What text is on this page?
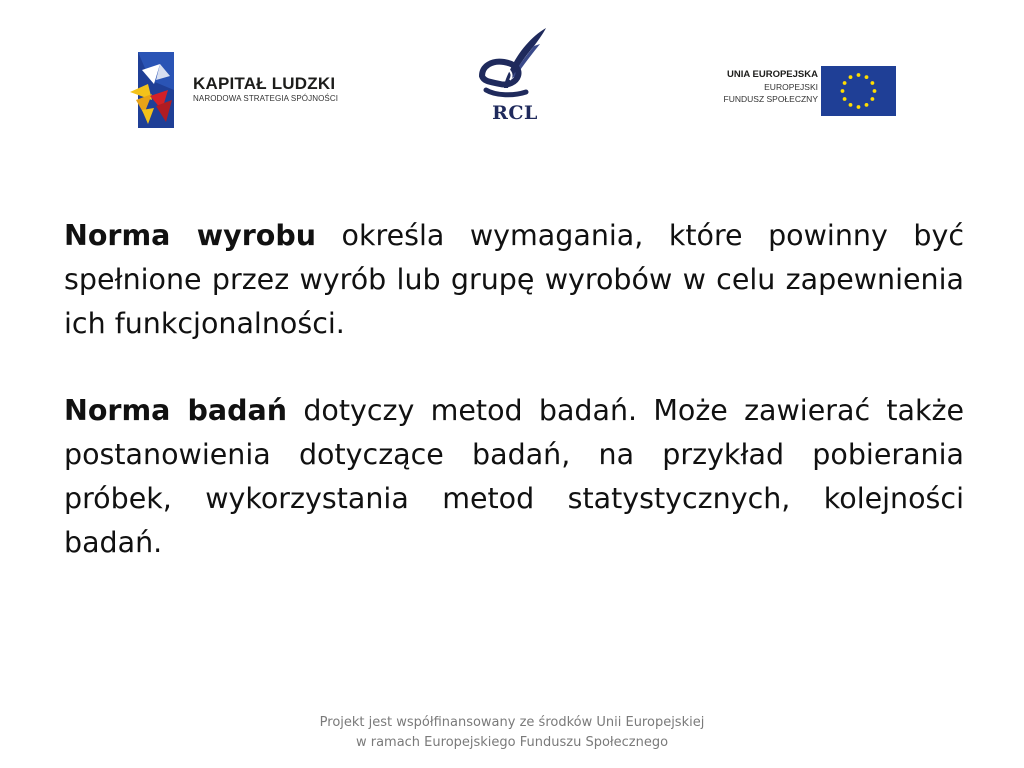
KAPITAŁ LUDZKI
NARODOWA STRATEGIA SPÓJNOŚCI
RCL
UNIA EUROPEJSKA
EUROPEJSKI
FUNDUSZ SPOŁECZNY

Norma wyrobu określa wymagania, które powinny być spełnione przez wyrób lub grupę wyrobów w celu zapewnienia ich funkcjonalności.

Norma badań dotyczy metod badań. Może zawierać także postanowienia dotyczące badań, na przykład pobierania próbek, wykorzystania metod statystycznych, kolejności badań.

Projekt jest współfinansowany ze środków Unii Europejskiej
w ramach Europejskiego Funduszu Społecznego
